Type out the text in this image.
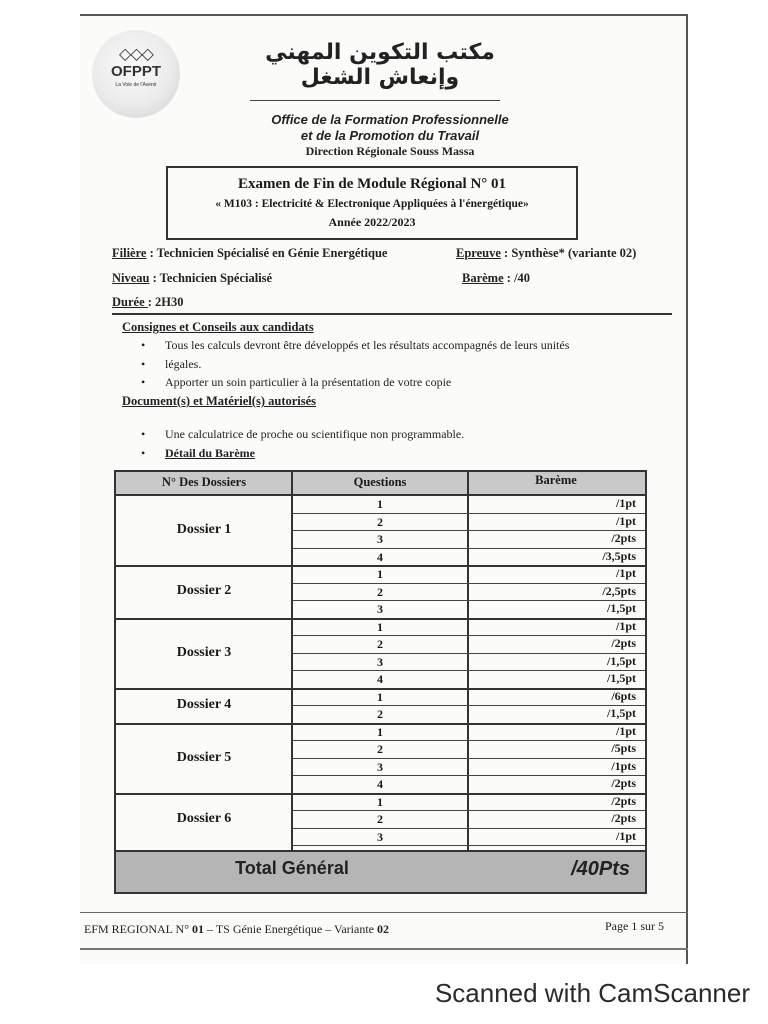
◇◇◇
OFPPT
La Voie de l'Avenir
مكتب التكوين المهني وإنعاش الشغل
Office de la Formation Professionnelle
et de la Promotion du Travail
Direction Régionale Souss Massa
Examen de Fin de Module Régional N° 01
« M103 : Electricité & Electronique Appliquées à l'énergétique»
Année 2022/2023
Filière : Technicien Spécialisé en Génie Energétique	Epreuve : Synthèse* (variante 02)
Niveau : Technicien Spécialisé	Barème : /40
Durée : 2H30
Consignes et Conseils aux candidats
Tous les calculs devront être développés et les résultats accompagnés de leurs unités
légales.
Apporter un soin particulier à la présentation de votre copie
Document(s) et Matériel(s) autorisés
Une calculatrice de proche ou scientifique non programmable.
Détail du Barème
N° Des Dossiers	Questions	Barème
Dossier 1
1	/1pt
2	/1pt
3	/2pts
4	/3,5pts
Dossier 2
1	/1pt
2	/2,5pts
3	/1,5pt
Dossier 3
1	/1pt
2	/2pts
3	/1,5pt
4	/1,5pt
Dossier 4
1	/6pts
2	/1,5pt
Dossier 5
1	/1pt
2	/5pts
3	/1pts
4	/2pts
Dossier 6
1	/2pts
2	/2pts
3	/1pt
Total Général	/40Pts
EFM REGIONAL N° 01 – TS Génie Energétique – Variante 02	Page 1 sur 5
Scanned with CamScanner
